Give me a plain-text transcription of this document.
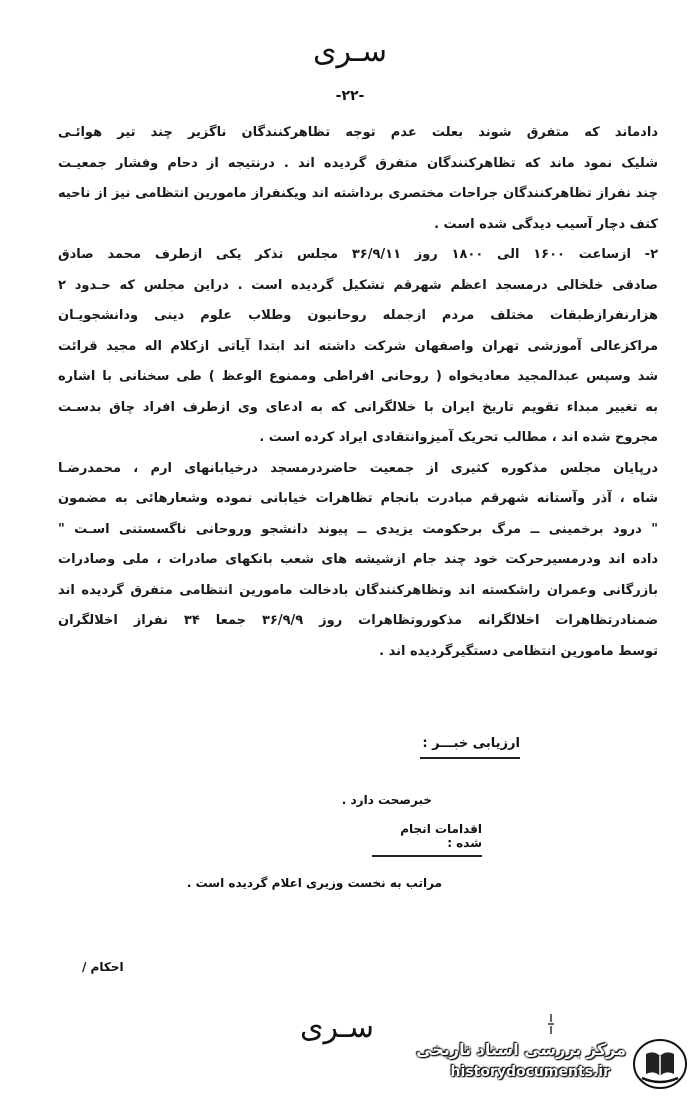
سـرى
-۲۲-
دادماند که متفرق شوند بعلت عدم توجه تظاهرکنندگان ناگزیر چند تیر هوائـی
شلیک نمود ماند که تظاهرکنندگان متفرق گردیده اند . درنتیجه از دحام وفشار جمعیـت
چند نفراز تظاهرکنندگان جراحات مختصری برداشته اند ویکنفراز مامورین انتظامی نیز از ناحیه
کتف دچار آسیب دیدگی شده است .
۲- ازساعت ۱۶۰۰ الی ۱۸۰۰ روز ۳۶/۹/۱۱ مجلس تذکر یکی ازطرف محمد صادق
صادقی خلخالی درمسجد اعظم شهرقم تشکیل گردیده است . دراین مجلس که حـدود ۲
هزارنفرازطبقات مختلف مردم ازجمله روحانیون وطلاب علوم دینی ودانشجویـان
مراکزعالی آموزشی تهران واصفهان شرکت داشته اند ابتدا آیاتی ازکلام اله مجید قرائت
شد وسپس عبدالمجید معادیخواه ( روحانی افراطی وممنوع الوعظ ) طی سخنانی با اشاره
به تغییر مبداء تقویم تاریخ ایران با خلالگرانی که به ادعای وی ازطرف افراد چاق بدسـت
مجروح شده اند ، مطالب تحریک آمیزوانتقادی ایراد کرده است .
درپایان مجلس مذکوره کثیری از جمعیت حاضردرمسجد درخیابانهای ارم ، محمدرضـا
شاه ، آذر وآستانه شهرقم مبادرت بانجام تظاهرات خیابانی نموده وشعارهائی به مضمون
" درود برخمینی ــ مرگ برحکومت یزیدی ــ پیوند دانشجو وروحانی ناگسستنی اسـت "
داده اند ودرمسیرحرکت خود چند جام ازشیشه های شعب بانکهای صادرات ، ملی وصادرات
بازرگانی وعمران راشکسته اند وتظاهرکنندگان بادخالت مامورین انتظامی متفرق گردیده اند
ضمنادرتظاهرات اخلالگرانه مذکوروتظاهرات روز ۳۶/۹/۹ جمعا ۳۴ نفراز اخلالگران
توسط مامورین انتظامی دستگیرگردیده اند .
ارزیابی خبـــر :
خبرصحت دارد .
اقدامات انجام شده :
مراتب به نخست وزیری اعلام گردیده است .
احکام /
سـرى
مرکز بررسی اسناد تاریخی
historydocuments.ir
